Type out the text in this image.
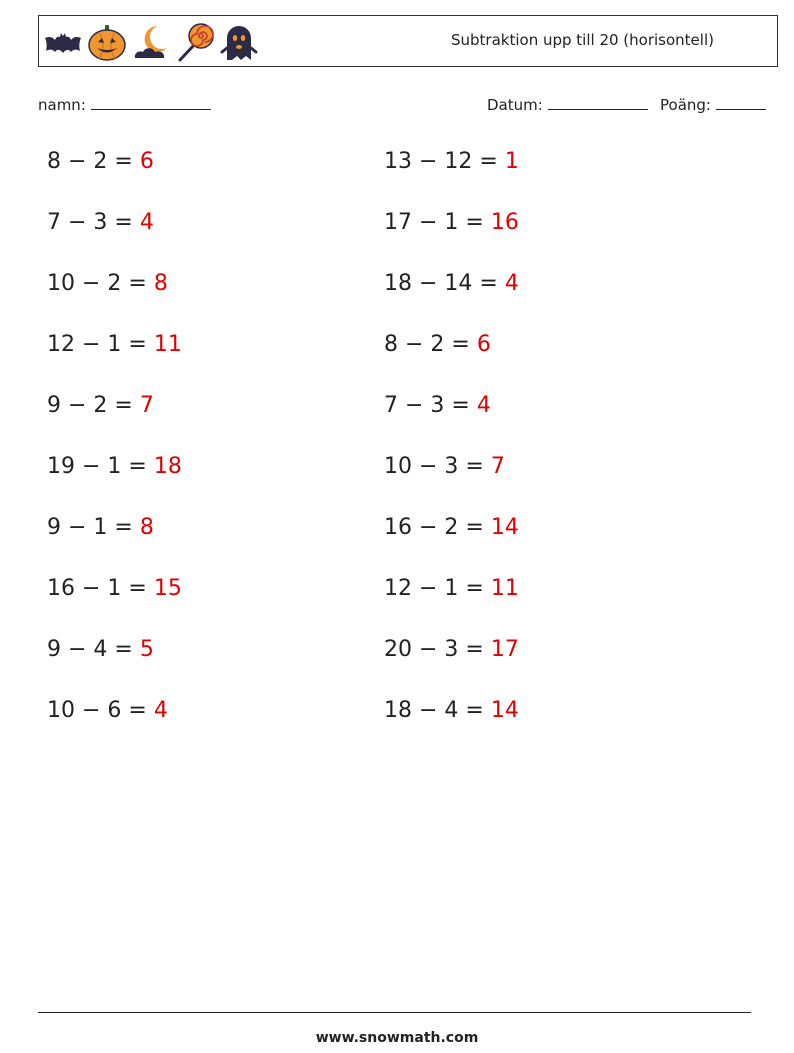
Subtraktion upp till 20 (horisontell)
namn:	Datum:	Poäng:
8 − 2 = 6
7 − 3 = 4
10 − 2 = 8
12 − 1 = 11
9 − 2 = 7
19 − 1 = 18
9 − 1 = 8
16 − 1 = 15
9 − 4 = 5
10 − 6 = 4
13 − 12 = 1
17 − 1 = 16
18 − 14 = 4
8 − 2 = 6
7 − 3 = 4
10 − 3 = 7
16 − 2 = 14
12 − 1 = 11
20 − 3 = 17
18 − 4 = 14
www.snowmath.com
